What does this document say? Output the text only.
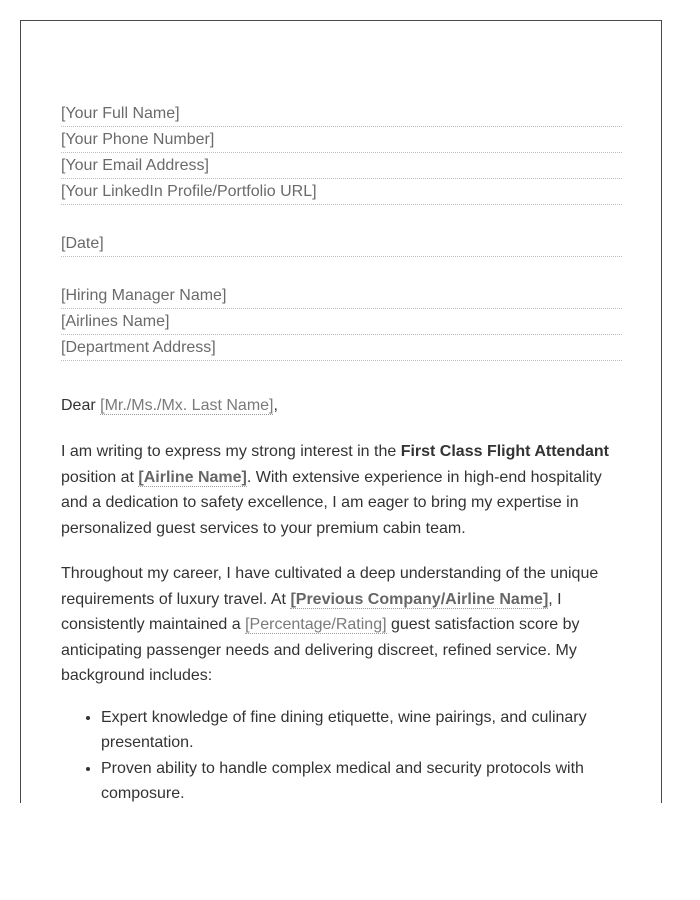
[Your Full Name]
[Your Phone Number]
[Your Email Address]
[Your LinkedIn Profile/Portfolio URL]
[Date]
[Hiring Manager Name]
[Airlines Name]
[Department Address]
Dear [Mr./Ms./Mx. Last Name],

I am writing to express my strong interest in the First Class Flight Attendant position at [Airline Name]. With extensive experience in high-end hospitality and a dedication to safety excellence, I am eager to bring my expertise in personalized guest services to your premium cabin team.

Throughout my career, I have cultivated a deep understanding of the unique requirements of luxury travel. At [Previous Company/Airline Name], I consistently maintained a [Percentage/Rating] guest satisfaction score by anticipating passenger needs and delivering discreet, refined service. My background includes:

• Expert knowledge of fine dining etiquette, wine pairings, and culinary presentation.
• Proven ability to handle complex medical and security protocols with composure.
